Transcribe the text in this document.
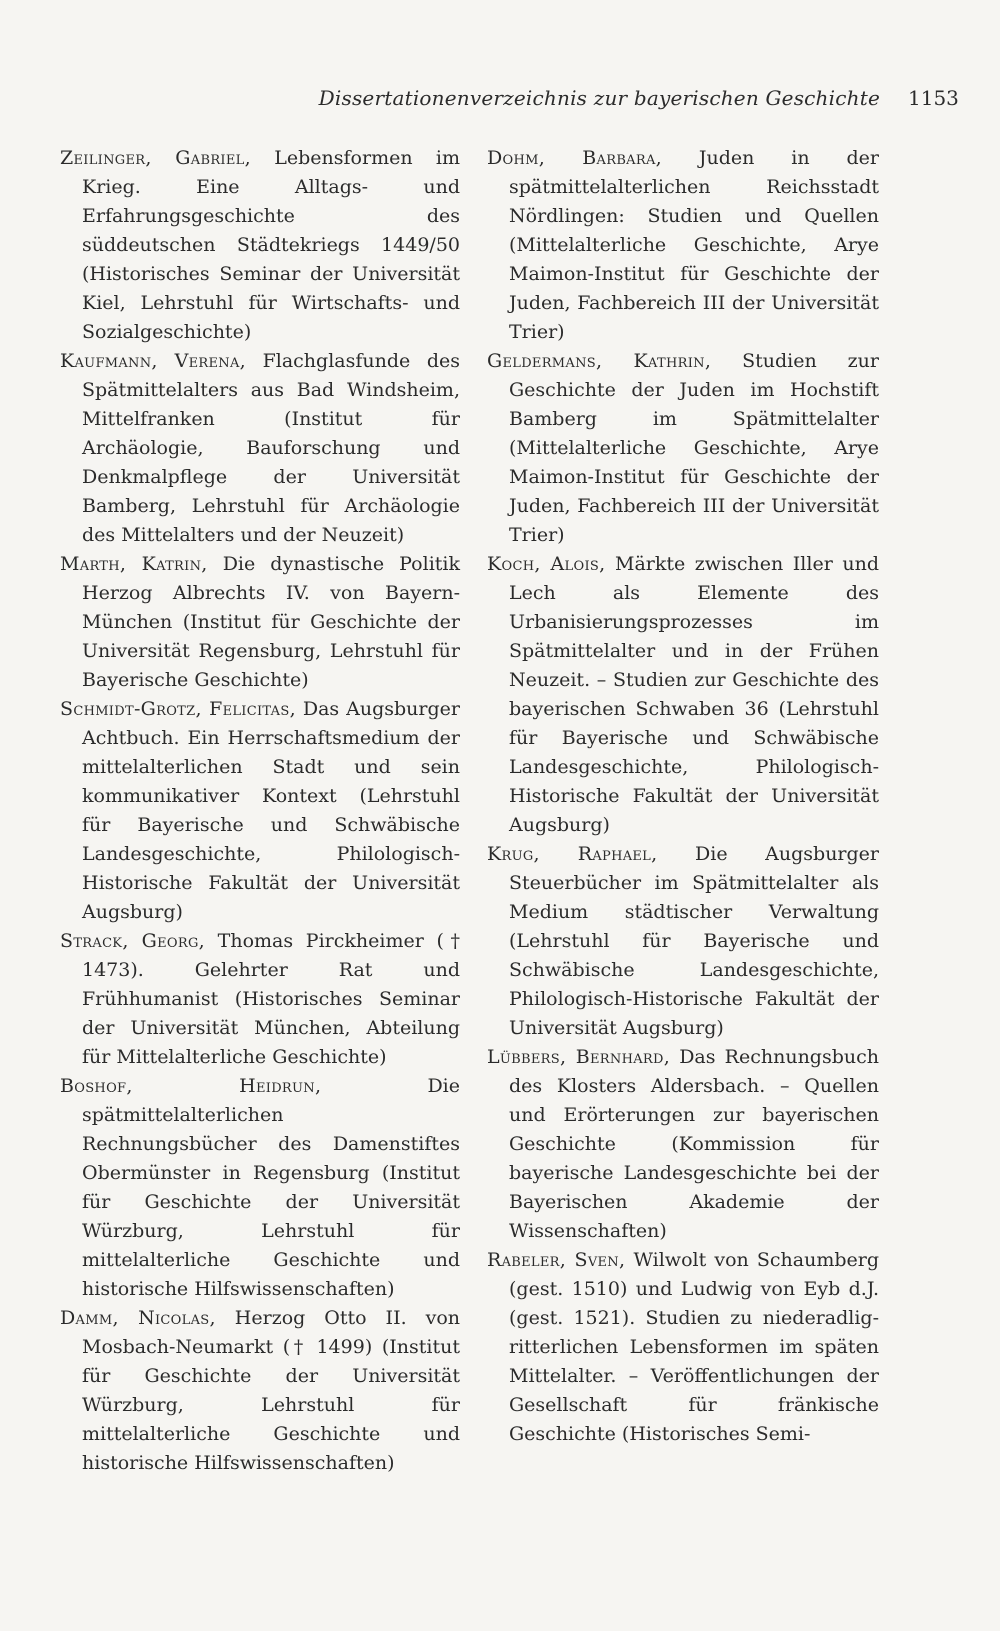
Dissertationenverzeichnis zur bayerischen Geschichte 1153

Zeilinger, Gabriel, Lebensformen im Krieg. Eine Alltags- und Erfahrungsgeschichte des süddeutschen Städtekriegs 1449/50 (Historisches Seminar der Universität Kiel, Lehrstuhl für Wirtschafts- und Sozialgeschichte)

Kaufmann, Verena, Flachglasfunde des Spätmittelalters aus Bad Windsheim, Mittelfranken (Institut für Archäologie, Bauforschung und Denkmalpflege der Universität Bamberg, Lehrstuhl für Archäologie des Mittelalters und der Neuzeit)

Marth, Katrin, Die dynastische Politik Herzog Albrechts IV. von Bayern-München (Institut für Geschichte der Universität Regensburg, Lehrstuhl für Bayerische Geschichte)

Schmidt-Grotz, Felicitas, Das Augsburger Achtbuch. Ein Herrschaftsmedium der mittelalterlichen Stadt und sein kommunikativer Kontext (Lehrstuhl für Bayerische und Schwäbische Landesgeschichte, Philologisch-Historische Fakultät der Universität Augsburg)

Strack, Georg, Thomas Pirckheimer († 1473). Gelehrter Rat und Frühhumanist (Historisches Seminar der Universität München, Abteilung für Mittelalterliche Geschichte)

Boshof, Heidrun,	Die spätmittelalterlichen Rechnungsbücher des Damenstiftes Obermünster in Regensburg (Institut für Geschichte der Universität Würzburg, Lehrstuhl für mittelalterliche Geschichte und historische Hilfswissenschaften)

Damm, Nicolas, Herzog Otto II. von Mosbach-Neumarkt († 1499) (Institut für Geschichte der Universität Würzburg, Lehrstuhl für mittelalterliche Geschichte und historische Hilfswissenschaften)

Dohm, Barbara, Juden in der spätmittelalterlichen Reichsstadt Nördlingen: Studien und Quellen (Mittelalterliche Geschichte, Arye Maimon-Institut für Geschichte der Juden, Fachbereich III der Universität Trier)

Geldermans, Kathrin, Studien zur Geschichte der Juden im Hochstift Bamberg im Spätmittelalter (Mittelalterliche Geschichte, Arye Maimon-Institut für Geschichte der Juden, Fachbereich III der Universität Trier)

Koch, Alois, Märkte zwischen Iller und Lech als Elemente des Urbanisierungsprozesses im Spätmittelalter und in der Frühen Neuzeit. – Studien zur Geschichte des bayerischen Schwaben 36 (Lehrstuhl für Bayerische und Schwäbische Landesgeschichte, Philologisch-Historische Fakultät der Universität Augsburg)

Krug, Raphael, Die Augsburger Steuerbücher im Spätmittelalter als Medium städtischer Verwaltung (Lehrstuhl für Bayerische und Schwäbische Landesgeschichte, Philologisch-Historische Fakultät der Universität Augsburg)

Lübbers, Bernhard, Das Rechnungsbuch des Klosters Aldersbach. – Quellen und Erörterungen zur bayerischen Geschichte (Kommission für bayerische Landesgeschichte bei der Bayerischen Akademie der Wissenschaften)

Rabeler, Sven, Wilwolt von Schaumberg (gest. 1510) und Ludwig von Eyb d.J. (gest. 1521). Studien zu niederadlig-ritterlichen Lebensformen im späten Mittelalter. – Veröffentlichungen der Gesellschaft für fränkische Geschichte (Historisches Semi-
